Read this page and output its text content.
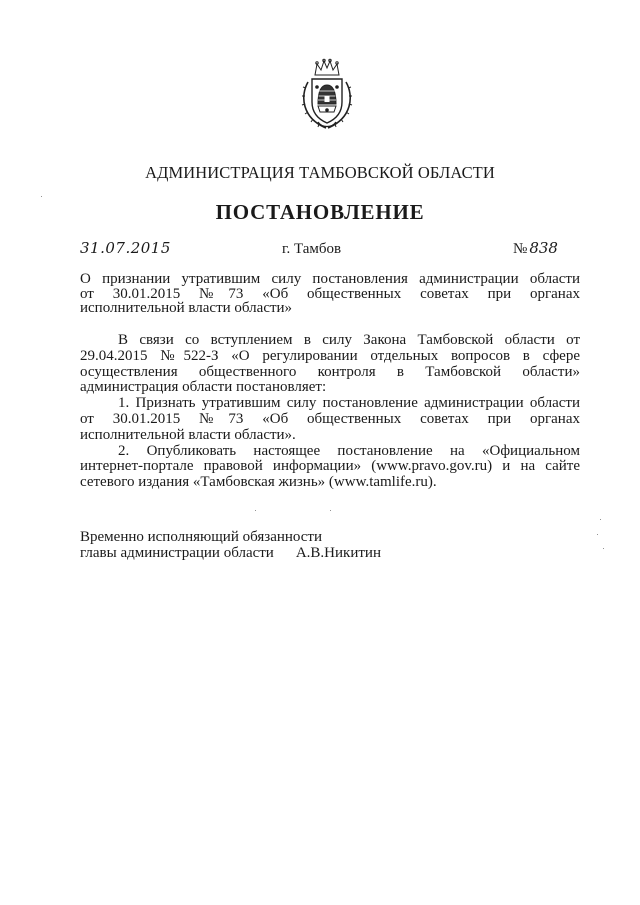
АДМИНИСТРАЦИЯ ТАМБОВСКОЙ ОБЛАСТИ
ПОСТАНОВЛЕНИЕ
31.07.2015	г. Тамбов	№ 838
О признании утратившим силу постановления администрации области
от 30.01.2015 №73 «Об общественных советах при органах
исполнительной власти области»
В связи со вступлением в силу Закона Тамбовской области от
29.04.2015 №522-З «О регулировании отдельных вопросов в сфере
осуществления общественного контроля в Тамбовской области»
администрация области постановляет:
1. Признать утратившим силу постановление администрации области
от 30.01.2015 №73 «Об общественных советах при органах
исполнительной власти области».
2. Опубликовать настоящее постановление на «Официальном
интернет-портале правовой информации» (www.pravo.gov.ru) и на сайте
сетевого издания «Тамбовская жизнь» (www.tamlife.ru).
Временно исполняющий обязанности
главы администрации области А.В.Никитин
